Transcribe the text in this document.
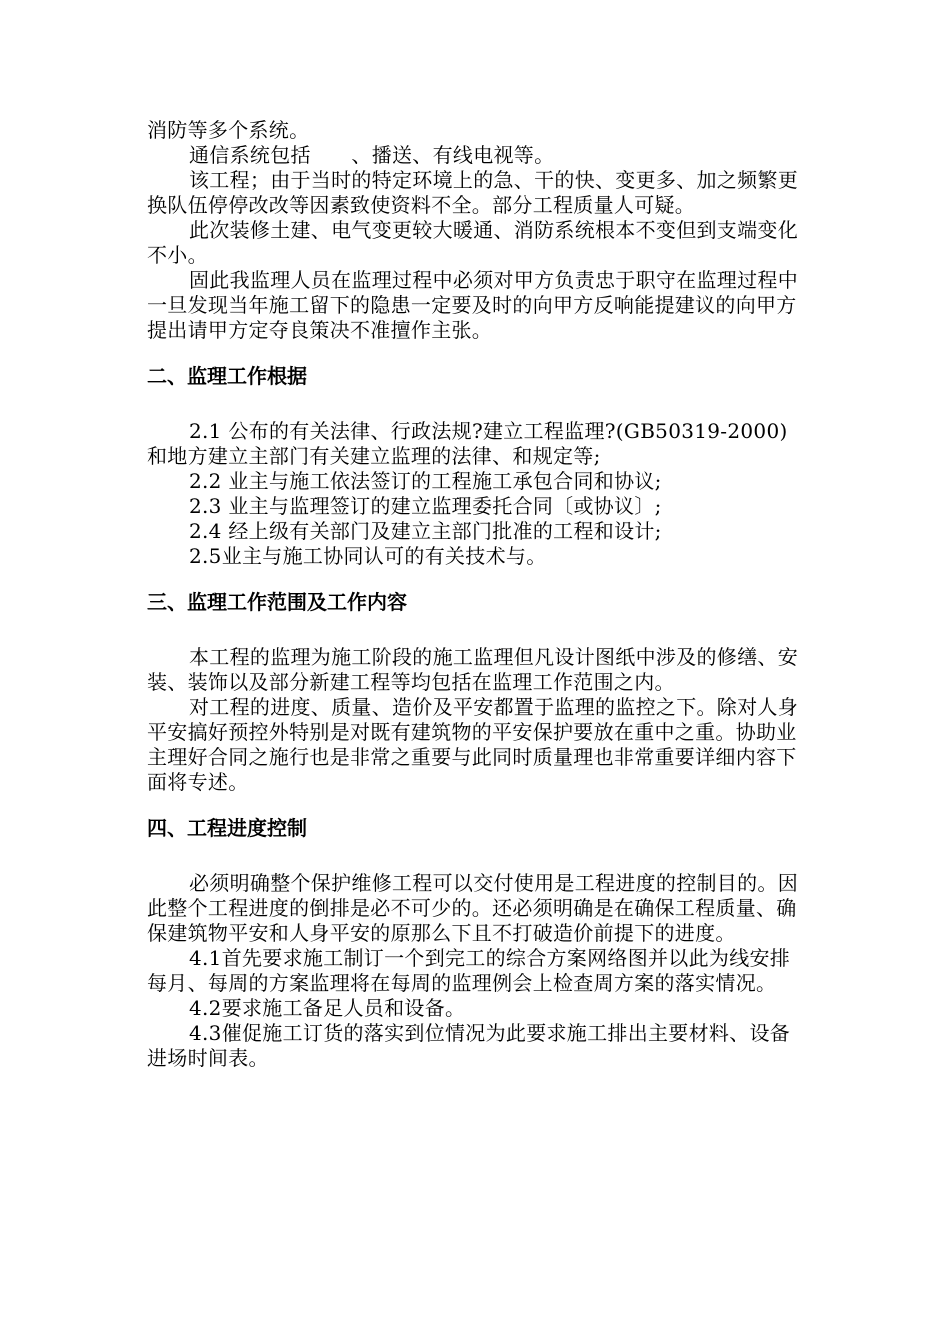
消防等多个系统。

通信系统包括　　、播送、有线电视等。

该工程；由于当时的特定环境上的急、干的快、变更多、加之频繁更换队伍停停改改等因素致使资料不全。部分工程质量人可疑。

此次装修土建、电气变更较大暖通、消防系统根本不变但到支端变化不小。

固此我监理人员在监理过程中必须对甲方负责忠于职守在监理过程中一旦发现当年施工留下的隐患一定要及时的向甲方反响能提建议的向甲方提出请甲方定夺良策决不准擅作主张。

二、监理工作根据

2.1 公布的有关法律、行政法规?建立工程监理?(GB50319-2000)和地方建立主部门有关建立监理的法律、和规定等;

2.2 业主与施工依法签订的工程施工承包合同和协议;

2.3 业主与监理签订的建立监理委托合同〔或协议〕;

2.4 经上级有关部门及建立主部门批准的工程和设计;

2.5业主与施工协同认可的有关技术与。

三、监理工作范围及工作内容

本工程的监理为施工阶段的施工监理但凡设计图纸中涉及的修缮、安装、装饰以及部分新建工程等均包括在监理工作范围之内。

对工程的进度、质量、造价及平安都置于监理的监控之下。除对人身平安搞好预控外特别是对既有建筑物的平安保护要放在重中之重。协助业主理好合同之施行也是非常之重要与此同时质量理也非常重要详细内容下面将专述。

四、工程进度控制

必须明确整个保护维修工程可以交付使用是工程进度的控制目的。因此整个工程进度的倒排是必不可少的。还必须明确是在确保工程质量、确保建筑物平安和人身平安的原那么下且不打破造价前提下的进度。

4.1首先要求施工制订一个到完工的综合方案网络图并以此为线安排每月、每周的方案监理将在每周的监理例会上检查周方案的落实情况。

4.2要求施工备足人员和设备。

4.3催促施工订货的落实到位情况为此要求施工排出主要材料、设备进场时间表。
